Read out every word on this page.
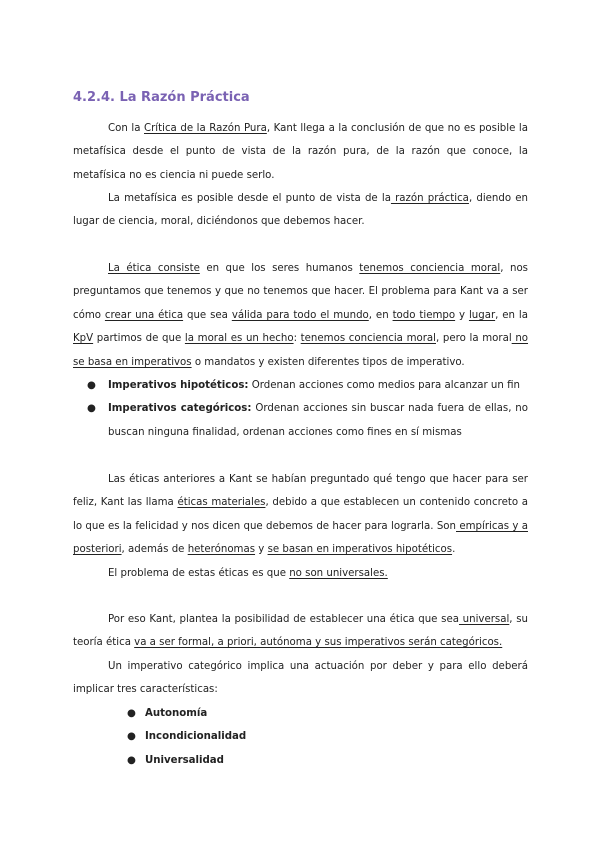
4.2.4. La Razón Práctica

Con la Crítica de la Razón Pura, Kant llega a la conclusión de que no es posible la metafísica desde el punto de vista de la razón pura, de la razón que conoce, la metafísica no es ciencia ni puede serlo.

La metafísica es posible desde el punto de vista de la razón práctica, diendo en lugar de ciencia, moral, diciéndonos que debemos hacer.

La ética consiste en que los seres humanos tenemos conciencia moral, nos preguntamos que tenemos y que no tenemos que hacer. El problema para Kant va a ser cómo crear una ética que sea válida para todo el mundo, en todo tiempo y lugar, en la KpV partimos de que la moral es un hecho: tenemos conciencia moral, pero la moral no se basa en imperativos o mandatos y existen diferentes tipos de imperativo.

● Imperativos hipotéticos: Ordenan acciones como medios para alcanzar un fin
● Imperativos categóricos: Ordenan acciones sin buscar nada fuera de ellas, no buscan ninguna finalidad, ordenan acciones como fines en sí mismas

Las éticas anteriores a Kant se habían preguntado qué tengo que hacer para ser feliz, Kant las llama éticas materiales, debido a que establecen un contenido concreto a lo que es la felicidad y nos dicen que debemos de hacer para lograrla. Son empíricas y a posteriori, además de heterónomas y se basan en imperativos hipotéticos.

El problema de estas éticas es que no son universales.

Por eso Kant, plantea la posibilidad de establecer una ética que sea universal, su teoría ética va a ser formal, a priori, autónoma y sus imperativos serán categóricos.

Un imperativo categórico implica una actuación por deber y para ello deberá implicar tres características:

● Autonomía
● Incondicionalidad
● Universalidad
